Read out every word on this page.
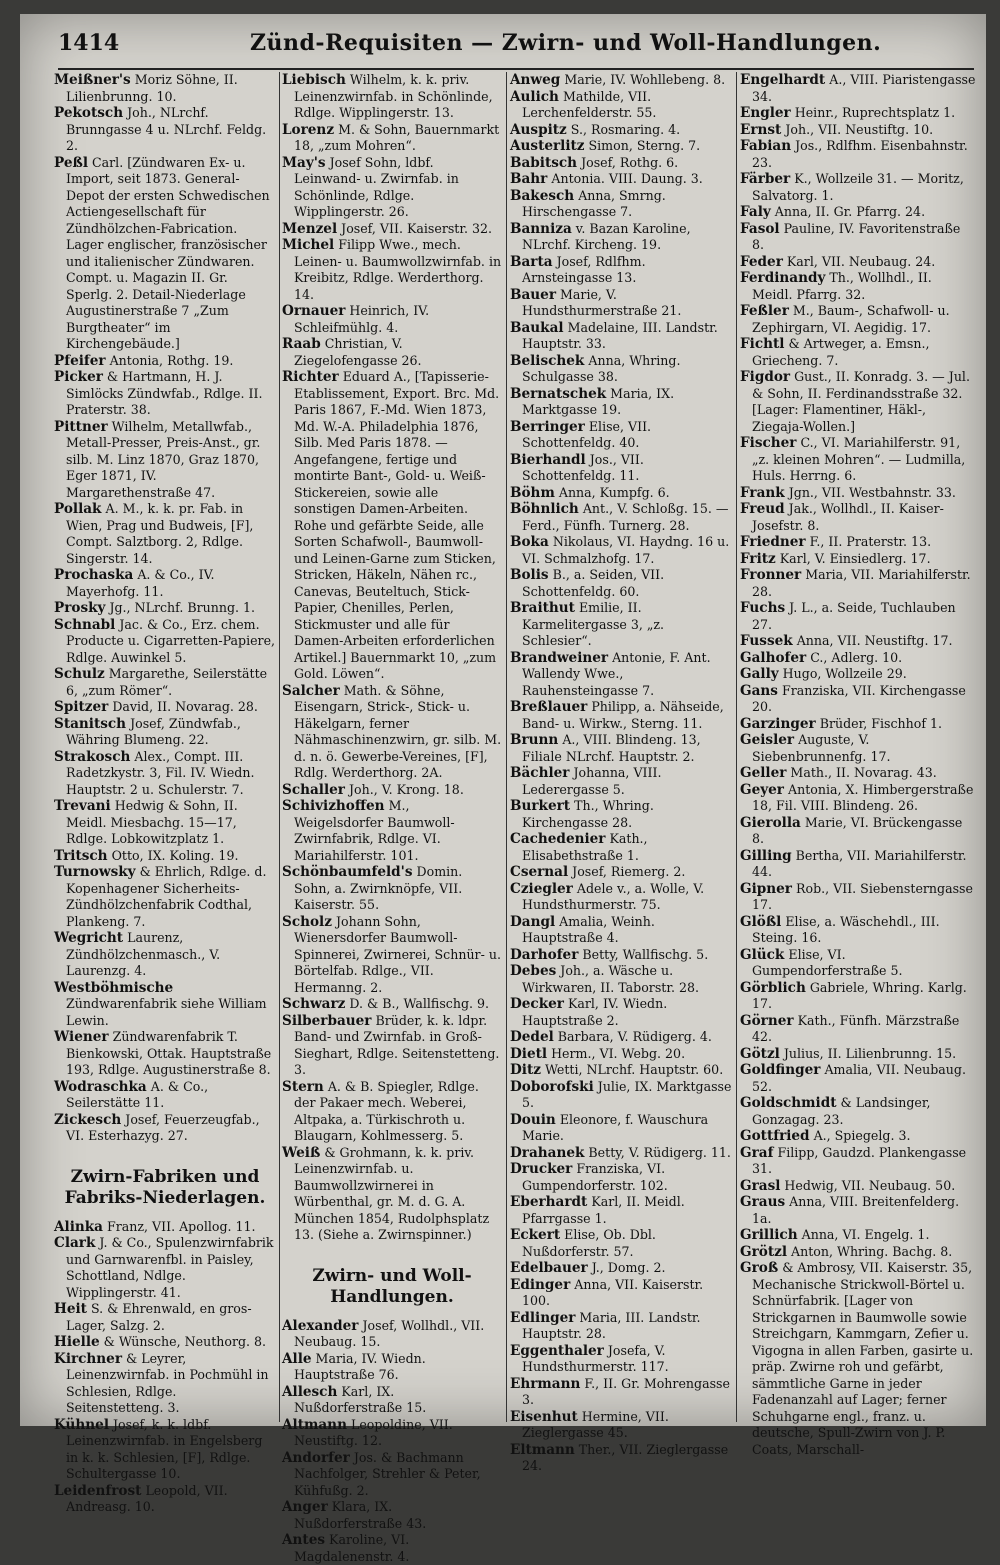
1414	Zünd-Requisiten — Zwirn- und Woll-Handlungen.

Meißner's Moriz Söhne, II. Lilienbrunng. 10.

Pekotsch Joh., NLrchf. Brunngasse 4 u. NLrchf. Feldg. 2.

Peßl Carl. [Zündwaren Ex- u. Import, seit 1873. General-Depot der ersten Schwedischen Actiengesellschaft für Zündhölzchen-Fabrication. Lager englischer, französischer und italienischer Zündwaren. Compt. u. Magazin II. Gr. Sperlg. 2. Detail-Niederlage Augustinerstraße 7 „Zum Burgtheater“ im Kirchengebäude.]

Pfeifer Antonia, Rothg. 19.

Picker & Hartmann, H. J. Simlöcks Zündwfab., Rdlge. II. Praterstr. 38.

Pittner Wilhelm, Metallwfab., Metall-Presser, Preis-Anst., gr. silb. M. Linz 1870, Graz 1870, Eger 1871, IV. Margarethenstraße 47.

Pollak A. M., k. k. pr. Fab. in Wien, Prag und Budweis, [F], Compt. Salztborg. 2, Rdlge. Singerstr. 14.

Prochaska A. & Co., IV. Mayerhofg. 11.

Prosky Jg., NLrchf. Brunng. 1.

Schnabl Jac. & Co., Erz. chem. Producte u. Cigarretten-Papiere, Rdlge. Auwinkel 5.

Schulz Margarethe, Seilerstätte 6, „zum Römer“.

Spitzer David, II. Novarag. 28.

Stanitsch Josef, Zündwfab., Währing Blumeng. 22.

Strakosch Alex., Compt. III. Radetzkystr. 3, Fil. IV. Wiedn. Hauptstr. 2 u. Schulerstr. 7.

Trevani Hedwig & Sohn, II. Meidl. Miesbachg. 15—17, Rdlge. Lobkowitzplatz 1.

Tritsch Otto, IX. Koling. 19.

Turnowsky & Ehrlich, Rdlge. d. Kopenhagener Sicherheits-Zündhölzchenfabrik Codthal, Plankeng. 7.

Wegricht Laurenz, Zündhölzchenmasch., V. Laurenzg. 4.

Westböhmische Zündwarenfabrik siehe William Lewin.

Wiener Zündwarenfabrik T. Bienkowski, Ottak. Hauptstraße 193, Rdlge. Augustinerstraße 8.

Wodraschka A. & Co., Seilerstätte 11.

Zickesch Josef, Feuerzeugfab., VI. Esterhazyg. 27.

Zwirn-Fabriken und
Fabriks-Niederlagen.

Alinka Franz, VII. Apollog. 11.

Clark J. & Co., Spulenzwirnfabrik und Garnwarenfbl. in Paisley, Schottland, Ndlge. Wipplingerstr. 41.

Heit S. & Ehrenwald, en gros-Lager, Salzg. 2.

Hielle & Wünsche, Neuthorg. 8.

Kirchner & Leyrer, Leinenzwirnfab. in Pochmühl in Schlesien, Rdlge. Seitenstetteng. 3.

Kühnel Josef, k. k. ldbf. Leinenzwirnfab. in Engelsberg in k. k. Schlesien, [F], Rdlge. Schultergasse 10.

Leidenfrost Leopold, VII. Andreasg. 10.

Liebisch Wilhelm, k. k. priv. Leinenzwirnfab. in Schönlinde, Rdlge. Wipplingerstr. 13.

Lorenz M. & Sohn, Bauernmarkt 18, „zum Mohren“.

May's Josef Sohn, ldbf. Leinwand- u. Zwirnfab. in Schönlinde, Rdlge. Wipplingerstr. 26.

Menzel Josef, VII. Kaiserstr. 32.

Michel Filipp Wwe., mech. Leinen- u. Baumwollzwirnfab. in Kreibitz, Rdlge. Werderthorg. 14.

Ornauer Heinrich, IV. Schleifmühlg. 4.

Raab Christian, V. Ziegelofengasse 26.

Richter Eduard A., [Tapisserie-Etablissement, Export. Brc. Md. Paris 1867, F.-Md. Wien 1873, Md. W.-A. Philadelphia 1876, Silb. Med Paris 1878. — Angefangene, fertige und montirte Bant-, Gold- u. Weiß-Stickereien, sowie alle sonstigen Damen-Arbeiten. Rohe und gefärbte Seide, alle Sorten Schafwoll-, Baumwoll- und Leinen-Garne zum Sticken, Stricken, Häkeln, Nähen rc., Canevas, Beuteltuch, Stick-Papier, Chenilles, Perlen, Stickmuster und alle für Damen-Arbeiten erforderlichen Artikel.] Bauernmarkt 10, „zum Gold. Löwen“.

Salcher Math. & Söhne, Eisengarn, Strick-, Stick- u. Häkelgarn, ferner Nähmaschinenzwirn, gr. silb. M. d. n. ö. Gewerbe-Vereines, [F], Rdlg. Werderthorg. 2A.

Schaller Joh., V. Krong. 18.

Schivizhoffen M., Weigelsdorfer Baumwoll-Zwirnfabrik, Rdlge. VI. Mariahilferstr. 101.

Schönbaumfeld's Domin. Sohn, a. Zwirnknöpfe, VII. Kaiserstr. 55.

Scholz Johann Sohn, Wienersdorfer Baumwoll-Spinnerei, Zwirnerei, Schnür- u. Börtelfab. Rdlge., VII. Hermanng. 2.

Schwarz D. & B., Wallfischg. 9.

Silberbauer Brüder, k. k. ldpr. Band- und Zwirnfab. in Groß-Sieghart, Rdlge. Seitenstetteng. 3.

Stern A. & B. Spiegler, Rdlge. der Pakaer mech. Weberei, Altpaka, a. Türkischroth u. Blaugarn, Kohlmesserg. 5.

Weiß & Grohmann, k. k. priv. Leinenzwirnfab. u. Baumwollzwirnerei in Würbenthal, gr. M. d. G. A. München 1854, Rudolphsplatz 13. (Siehe a. Zwirnspinner.)

Zwirn- und Woll-
Handlungen.

Alexander Josef, Wollhdl., VII. Neubaug. 15.

Alle Maria, IV. Wiedn. Hauptstraße 76.

Allesch Karl, IX. Nußdorferstraße 15.

Altmann Leopoldine, VII. Neustiftg. 12.

Andorfer Jos. & Bachmann Nachfolger, Strehler & Peter, Kühfußg. 2.

Anger Klara, IX. Nußdorferstraße 43.

Antes Karoline, VI. Magdalenenstr. 4.

Anweg Marie, IV. Wohllebeng. 8.

Aulich Mathilde, VII. Lerchenfelderstr. 55.

Auspitz S., Rosmaring. 4.

Austerlitz Simon, Sterng. 7.

Babitsch Josef, Rothg. 6.

Bahr Antonia. VIII. Daung. 3.

Bakesch Anna, Smrng. Hirschengasse 7.

Banniza v. Bazan Karoline, NLrchf. Kircheng. 19.

Barta Josef, Rdlfhm. Arnsteingasse 13.

Bauer Marie, V. Hundsthurmerstraße 21.

Baukal Madelaine, III. Landstr. Hauptstr. 33.

Belischek Anna, Whring. Schulgasse 38.

Bernatschek Maria, IX. Marktgasse 19.

Berringer Elise, VII. Schottenfeldg. 40.

Bierhandl Jos., VII. Schottenfeldg. 11.

Böhm Anna, Kumpfg. 6.

Böhnlich Ant., V. Schloßg. 15. — Ferd., Fünfh. Turnerg. 28.

Boka Nikolaus, VI. Haydng. 16 u. VI. Schmalzhofg. 17.

Bolis B., a. Seiden, VII. Schottenfeldg. 60.

Braithut Emilie, II. Karmelitergasse 3, „z. Schlesier“.

Brandweiner Antonie, F. Ant. Wallendy Wwe., Rauhensteingasse 7.

Breßlauer Philipp, a. Nähseide, Band- u. Wirkw., Sterng. 11.

Brunn A., VIII. Blindeng. 13, Filiale NLrchf. Hauptstr. 2.

Bächler Johanna, VIII. Lederergasse 5.

Burkert Th., Whring. Kirchengasse 28.

Cachedenier Kath., Elisabethstraße 1.

Csernal Josef, Riemerg. 2.

Cziegler Adele v., a. Wolle, V. Hundsthurmerstr. 75.

Dangl Amalia, Weinh. Hauptstraße 4.

Darhofer Betty, Wallfischg. 5.

Debes Joh., a. Wäsche u. Wirkwaren, II. Taborstr. 28.

Decker Karl, IV. Wiedn. Hauptstraße 2.

Dedel Barbara, V. Rüdigerg. 4.

Dietl Herm., VI. Webg. 20.

Ditz Wetti, NLrchf. Hauptstr. 60.

Doborofski Julie, IX. Marktgasse 5.

Douin Eleonore, f. Wauschura Marie.

Drahanek Betty, V. Rüdigerg. 11.

Drucker Franziska, VI. Gumpendorferstr. 102.

Eberhardt Karl, II. Meidl. Pfarrgasse 1.

Eckert Elise, Ob. Dbl. Nußdorferstr. 57.

Edelbauer J., Domg. 2.

Edinger Anna, VII. Kaiserstr. 100.

Edlinger Maria, III. Landstr. Hauptstr. 28.

Eggenthaler Josefa, V. Hundsthurmerstr. 117.

Ehrmann F., II. Gr. Mohrengasse 3.

Eisenhut Hermine, VII. Zieglergasse 45.

Eltmann Ther., VII. Zieglergasse 24.

Engelhardt A., VIII. Piaristengasse 34.

Engler Heinr., Ruprechtsplatz 1.

Ernst Joh., VII. Neustiftg. 10.

Fabian Jos., Rdlfhm. Eisenbahnstr. 23.

Färber K., Wollzeile 31. — Moritz, Salvatorg. 1.

Faly Anna, II. Gr. Pfarrg. 24.

Fasol Pauline, IV. Favoritenstraße 8.

Feder Karl, VII. Neubaug. 24.

Ferdinandy Th., Wollhdl., II. Meidl. Pfarrg. 32.

Feßler M., Baum-, Schafwoll- u. Zephirgarn, VI. Aegidig. 17.

Fichtl & Artweger, a. Emsn., Griecheng. 7.

Figdor Gust., II. Konradg. 3. — Jul. & Sohn, II. Ferdinandsstraße 32. [Lager: Flamentiner, Häkl-, Ziegaja-Wollen.]

Fischer C., VI. Mariahilferstr. 91, „z. kleinen Mohren“. — Ludmilla, Huls. Herrng. 6.

Frank Jgn., VII. Westbahnstr. 33.

Freud Jak., Wollhdl., II. Kaiser-Josefstr. 8.

Friedner F., II. Praterstr. 13.

Fritz Karl, V. Einsiedlerg. 17.

Fronner Maria, VII. Mariahilferstr. 28.

Fuchs J. L., a. Seide, Tuchlauben 27.

Fussek Anna, VII. Neustiftg. 17.

Galhofer C., Adlerg. 10.

Gally Hugo, Wollzeile 29.

Gans Franziska, VII. Kirchengasse 20.

Garzinger Brüder, Fischhof 1.

Geisler Auguste, V. Siebenbrunnenfg. 17.

Geller Math., II. Novarag. 43.

Geyer Antonia, X. Himbergerstraße 18, Fil. VIII. Blindeng. 26.

Gierolla Marie, VI. Brückengasse 8.

Gilling Bertha, VII. Mariahilferstr. 44.

Gipner Rob., VII. Siebensterngasse 17.

Glößl Elise, a. Wäschehdl., III. Steing. 16.

Glück Elise, VI. Gumpendorferstraße 5.

Görblich Gabriele, Whring. Karlg. 17.

Görner Kath., Fünfh. Märzstraße 42.

Götzl Julius, II. Lilienbrunng. 15.

Goldfinger Amalia, VII. Neubaug. 52.

Goldschmidt & Landsinger, Gonzagag. 23.

Gottfried A., Spiegelg. 3.

Graf Filipp, Gaudzd. Plankengasse 31.

Grasl Hedwig, VII. Neubaug. 50.

Graus Anna, VIII. Breitenfelderg. 1a.

Grillich Anna, VI. Engelg. 1.

Grötzl Anton, Whring. Bachg. 8.

Groß & Ambrosy, VII. Kaiserstr. 35, Mechanische Strickwoll-Börtel u. Schnürfabrik. [Lager von Strickgarnen in Baumwolle sowie Streichgarn, Kammgarn, Zefier u. Vigogna in allen Farben, gasirte u. präp. Zwirne roh und gefärbt, sämmtliche Garne in jeder Fadenanzahl auf Lager; ferner Schuhgarne engl., franz. u. deutsche, Spull-Zwirn von J. P. Coats, Marschall-
